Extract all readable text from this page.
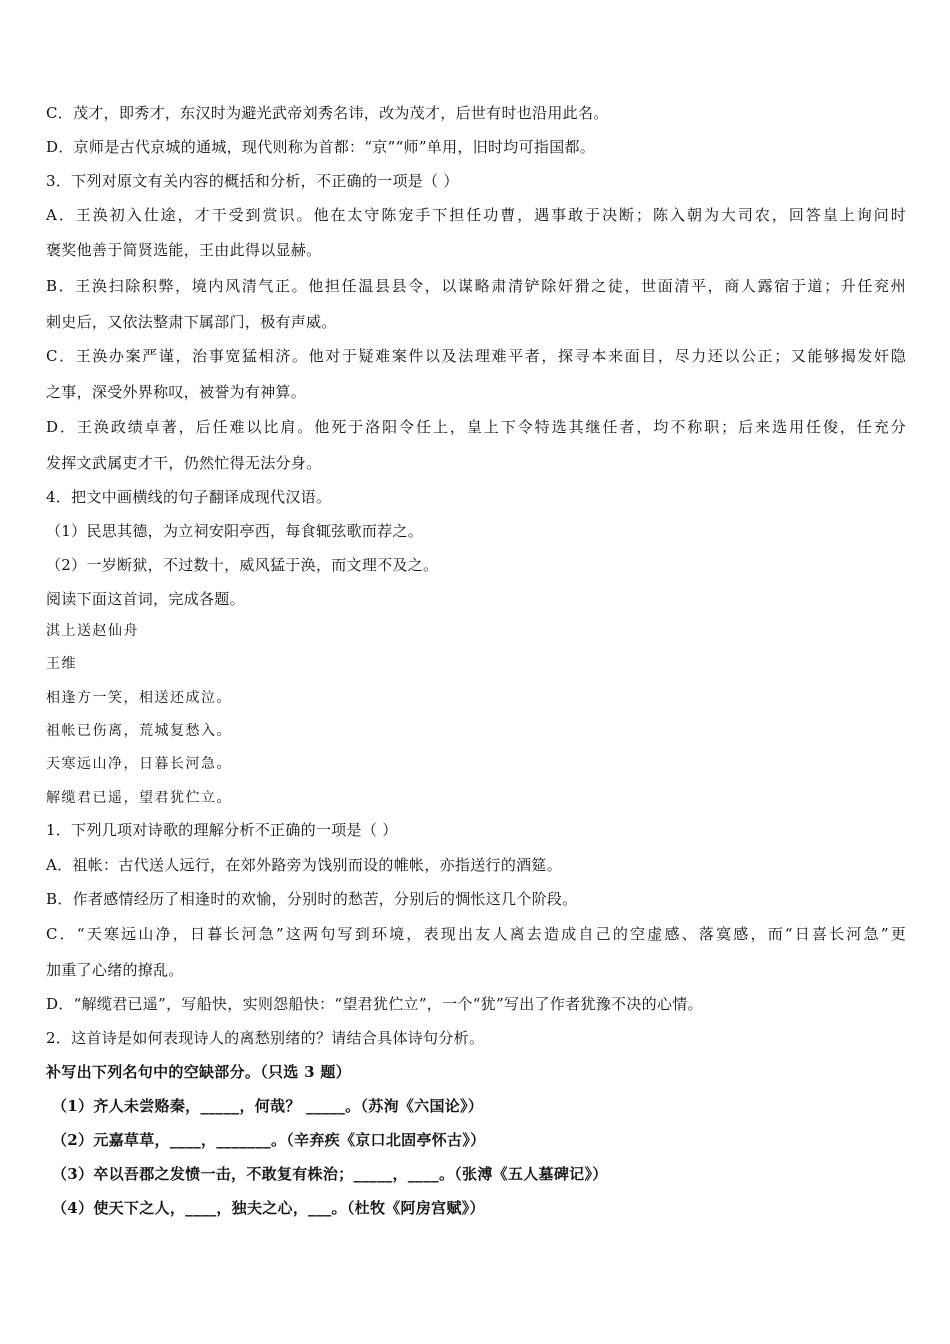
C．茂才，即秀才，东汉时为避光武帝刘秀名讳，改为茂才，后世有时也沿用此名。
D．京师是古代京城的通城，现代则称为首都：“京”“师”单用，旧时均可指国都。
3．下列对原文有关内容的概括和分析，不正确的一项是（ ）
A．王涣初入仕途，才干受到赏识。他在太守陈宠手下担任功曹，遇事敢于决断；陈入朝为大司农，回答皇上询问时
褒奖他善于简贤选能，王由此得以显赫。
B．王涣扫除积弊，境内风清气正。他担任温县县令，以谋略肃清铲除奸猾之徒，世面清平，商人露宿于道；升任兖州
刺史后，又依法整肃下属部门，极有声威。
C．王涣办案严谨，治事宽猛相济。他对于疑难案件以及法理难平者，探寻本来面目，尽力还以公正；又能够揭发奸隐
之事，深受外界称叹，被誉为有神算。
D．王涣政绩卓著，后任难以比肩。他死于洛阳令任上，皇上下令特选其继任者，均不称职；后来选用任俊，任充分
发挥文武属吏才干，仍然忙得无法分身。
4．把文中画横线的句子翻译成现代汉语。
（1）民思其德，为立祠安阳亭西，每食辄弦歌而荐之。
（2）一岁断狱，不过数十，威风猛于涣，而文理不及之。
阅读下面这首词，完成各题。
淇上送赵仙舟
王维
相逢方一笑，相送还成泣。
祖帐已伤离，荒城复愁入。
天寒远山净，日暮长河急。
解缆君已遥，望君犹伫立。
1．下列几项对诗歌的理解分析不正确的一项是（ ）
A．祖帐：古代送人远行，在郊外路旁为饯别而设的帷帐，亦指送行的酒筵。
B．作者感情经历了相逢时的欢愉，分别时的愁苦，分别后的惆怅这几个阶段。
C．“天寒远山净，日暮长河急”这两句写到环境，表现出友人离去造成自己的空虚感、落寞感，而“日喜长河急”更
加重了心绪的撩乱。
D．“解缆君已遥”，写船快，实则怨船快：“望君犹伫立”，一个“犹”写出了作者犹豫不决的心情。
2．这首诗是如何表现诗人的离愁别绪的？请结合具体诗句分析。
补写出下列名句中的空缺部分。（只选 3 题）
（1）齐人未尝赂秦，_____，何哉？ _____。（苏洵《六国论》）
（2）元嘉草草，____，_______。（辛弃疾《京口北固亭怀古》）
（3）卒以吾郡之发愤一击，不敢复有株治；_____，____。（张溥《五人墓碑记》）
（4）使天下之人，____，独夫之心，___。（杜牧《阿房宫赋》）
